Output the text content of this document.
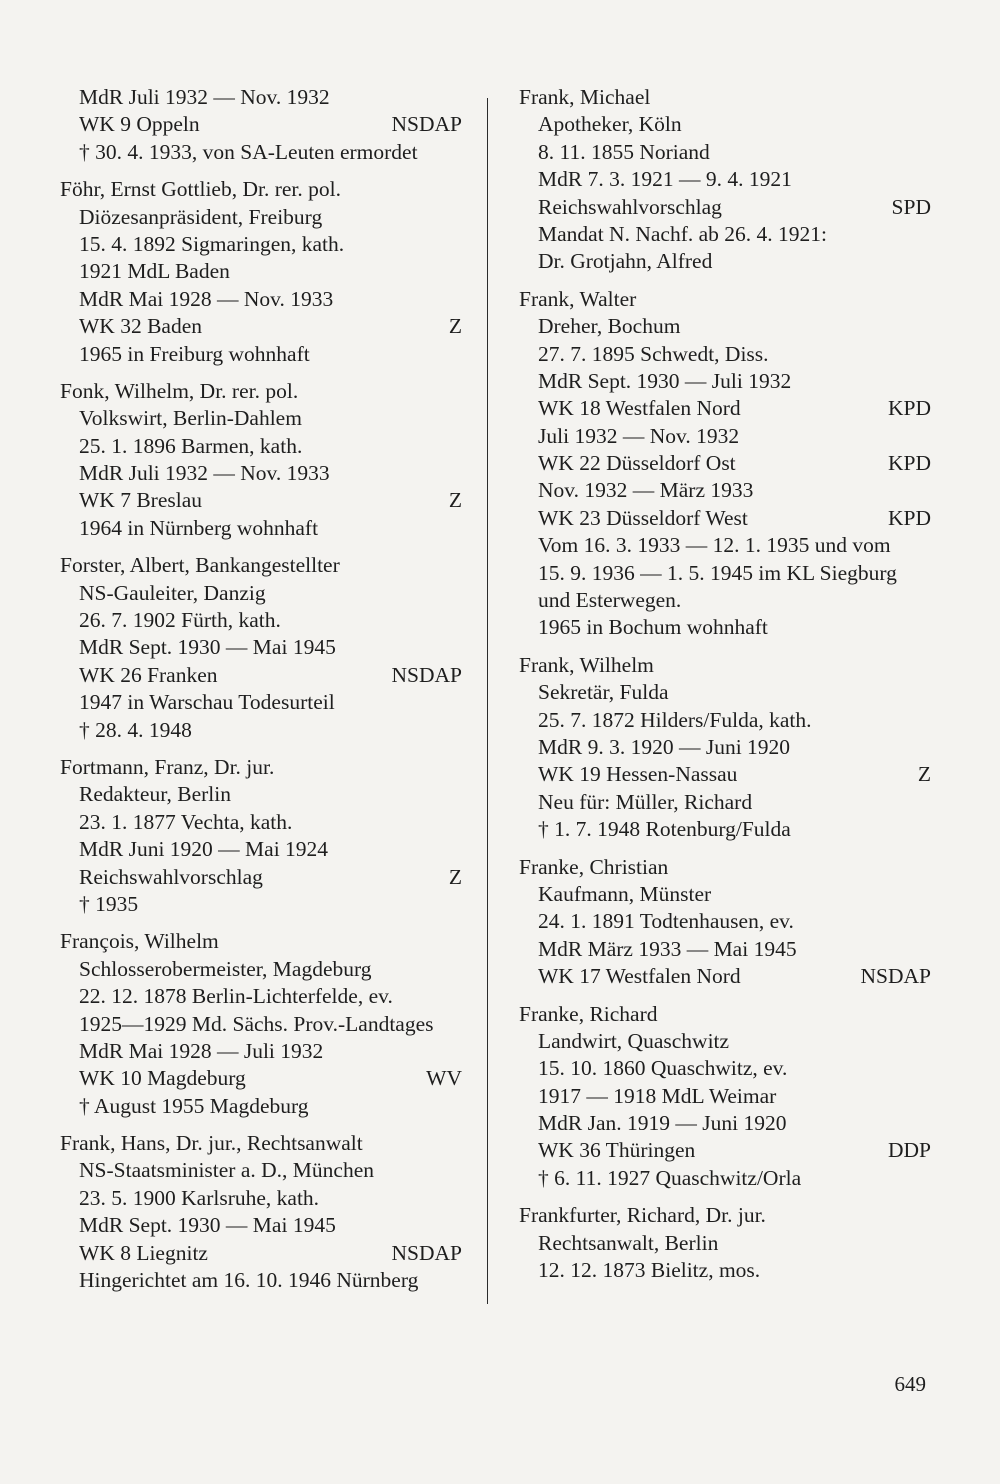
MdR Juli 1932 — Nov. 1932
WK 9 Oppeln	NSDAP
† 30. 4. 1933, von SA-Leuten ermordet
Föhr, Ernst Gottlieb, Dr. rer. pol.
Diözesanpräsident, Freiburg
15. 4. 1892 Sigmaringen, kath.
1921 MdL Baden
MdR Mai 1928 — Nov. 1933
WK 32 Baden	Z
1965 in Freiburg wohnhaft
Fonk, Wilhelm, Dr. rer. pol.
Volkswirt, Berlin-Dahlem
25. 1. 1896 Barmen, kath.
MdR Juli 1932 — Nov. 1933
WK 7 Breslau	Z
1964 in Nürnberg wohnhaft
Forster, Albert, Bankangestellter
NS-Gauleiter, Danzig
26. 7. 1902 Fürth, kath.
MdR Sept. 1930 — Mai 1945
WK 26 Franken	NSDAP
1947 in Warschau Todesurteil
† 28. 4. 1948
Fortmann, Franz, Dr. jur.
Redakteur, Berlin
23. 1. 1877 Vechta, kath.
MdR Juni 1920 — Mai 1924
Reichswahlvorschlag	Z
† 1935
François, Wilhelm
Schlosserobermeister, Magdeburg
22. 12. 1878 Berlin-Lichterfelde, ev.
1925—1929 Md. Sächs. Prov.-Landtages
MdR Mai 1928 — Juli 1932
WK 10 Magdeburg	WV
† August 1955 Magdeburg
Frank, Hans, Dr. jur., Rechtsanwalt
NS-Staatsminister a. D., München
23. 5. 1900 Karlsruhe, kath.
MdR Sept. 1930 — Mai 1945
WK 8 Liegnitz	NSDAP
Hingerichtet am 16. 10. 1946 Nürnberg
Frank, Michael
Apotheker, Köln
8. 11. 1855 Noriand
MdR 7. 3. 1921 — 9. 4. 1921
Reichswahlvorschlag	SPD
Mandat N. Nachf. ab 26. 4. 1921:
Dr. Grotjahn, Alfred
Frank, Walter
Dreher, Bochum
27. 7. 1895 Schwedt, Diss.
MdR Sept. 1930 — Juli 1932
WK 18 Westfalen Nord	KPD
Juli 1932 — Nov. 1932
WK 22 Düsseldorf Ost	KPD
Nov. 1932 — März 1933
WK 23 Düsseldorf West	KPD
Vom 16. 3. 1933 — 12. 1. 1935 und vom
15. 9. 1936 — 1. 5. 1945 im KL Siegburg
und Esterwegen.
1965 in Bochum wohnhaft
Frank, Wilhelm
Sekretär, Fulda
25. 7. 1872 Hilders/Fulda, kath.
MdR 9. 3. 1920 — Juni 1920
WK 19 Hessen-Nassau	Z
Neu für: Müller, Richard
† 1. 7. 1948 Rotenburg/Fulda
Franke, Christian
Kaufmann, Münster
24. 1. 1891 Todtenhausen, ev.
MdR März 1933 — Mai 1945
WK 17 Westfalen Nord	NSDAP
Franke, Richard
Landwirt, Quaschwitz
15. 10. 1860 Quaschwitz, ev.
1917 — 1918 MdL Weimar
MdR Jan. 1919 — Juni 1920
WK 36 Thüringen	DDP
† 6. 11. 1927 Quaschwitz/Orla
Frankfurter, Richard, Dr. jur.
Rechtsanwalt, Berlin
12. 12. 1873 Bielitz, mos.
649
